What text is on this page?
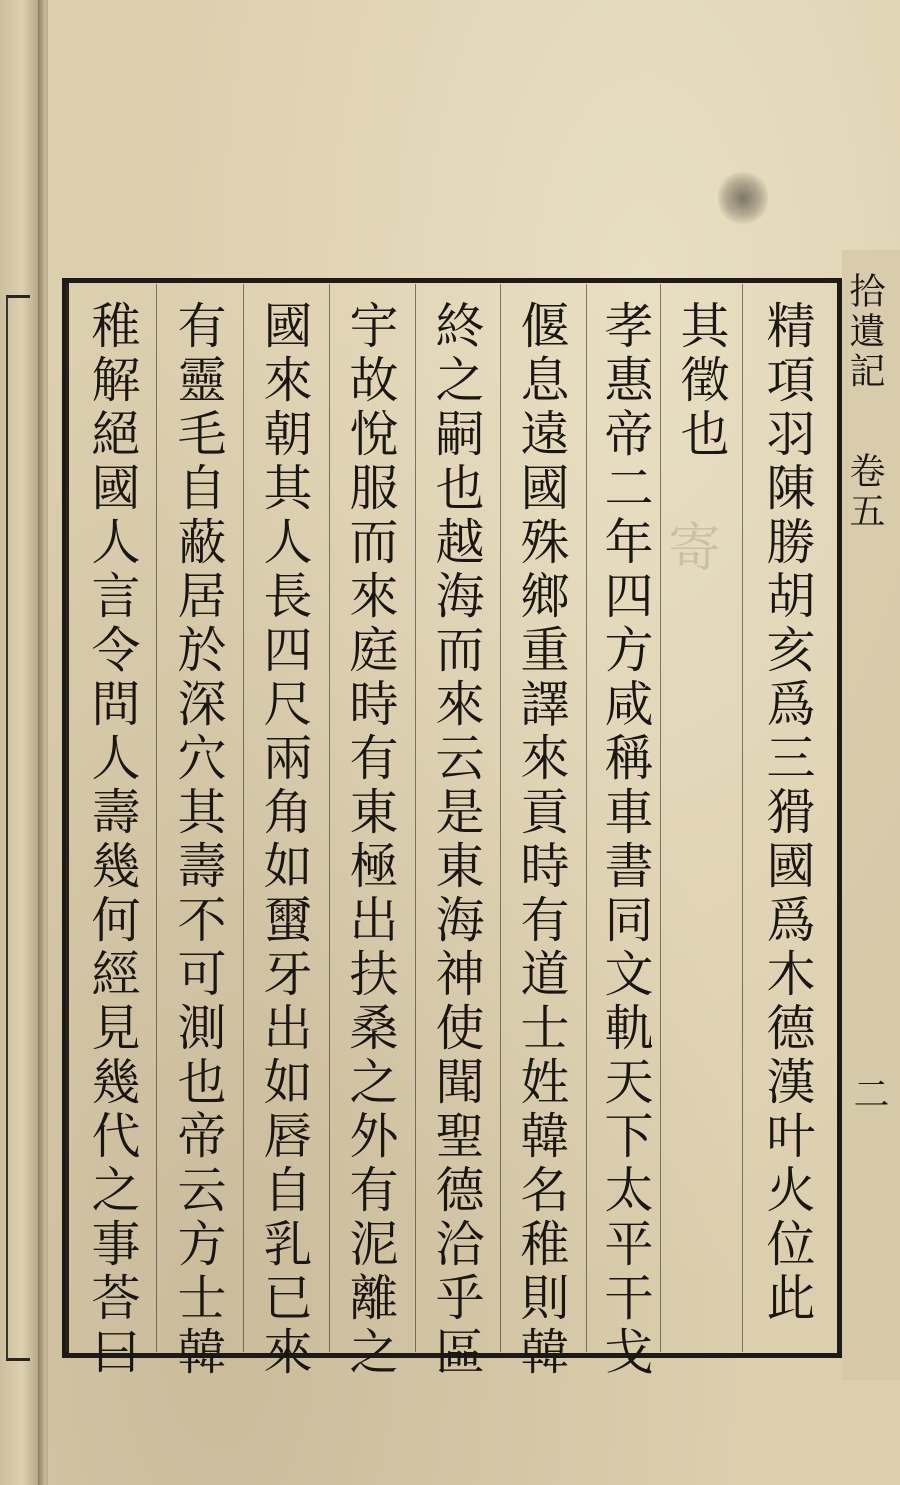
寄
拾遺記卷五
二
精項羽陳勝胡亥爲三猾國爲木德漢叶火位此
其徵也
孝惠帝二年四方咸稱車書同文軌天下太平干戈
偃息遠國殊鄉重譯來貢時有道士姓韓名稚則韓
終之嗣也越海而來云是東海神使聞聖德洽乎區
宇故悅服而來庭時有東極出扶桑之外有泥離之
國來朝其人長四尺兩角如蠒牙出如唇自乳已來
有靈毛自蔽居於深穴其壽不可測也帝云方士韓
稚解絕國人言令問人壽幾何經見幾代之事荅曰
